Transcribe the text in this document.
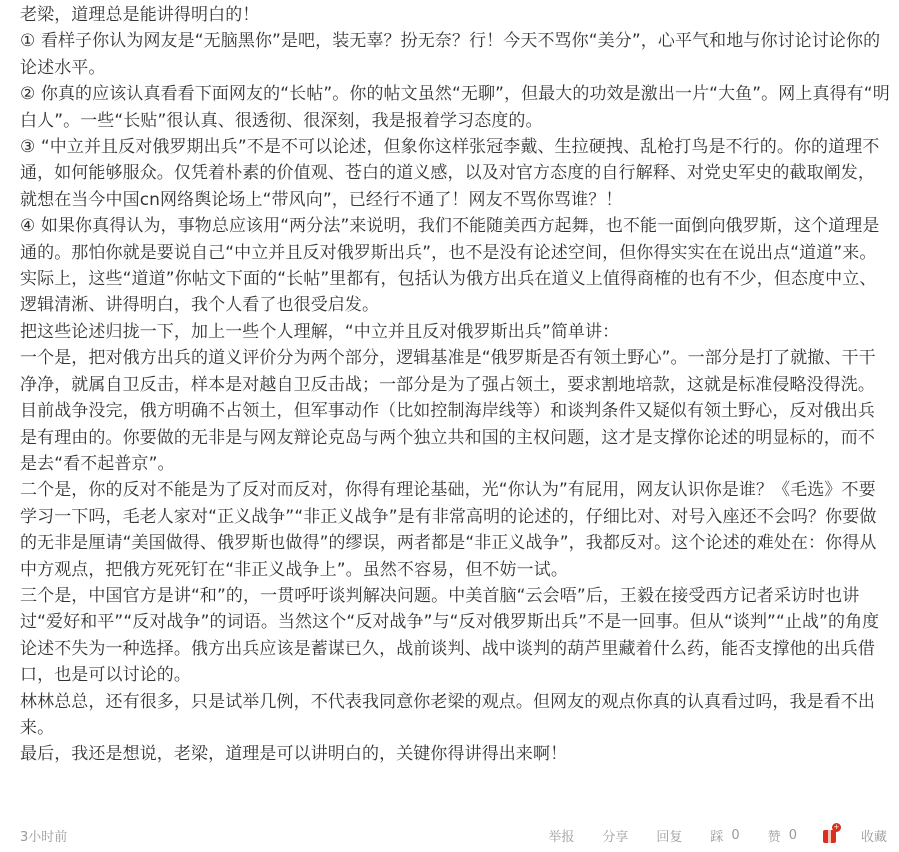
老梁，道理总是能讲得明白的！

① 看样子你认为网友是“无脑黑你”是吧，装无辜？扮无奈？行！今天不骂你“美分”，心平气和地与你讨论讨论你的论述水平。

② 你真的应该认真看看下面网友的“长帖”。你的帖文虽然“无聊”，但最大的功效是激出一片“大鱼”。网上真得有“明白人”。一些“长贴”很认真、很透彻、很深刻，我是报着学习态度的。

③ “中立并且反对俄罗期出兵”不是不可以论述，但象你这样张冠李戴、生拉硬拽、乱枪打鸟是不行的。你的道理不通，如何能够服众。仅凭着朴素的价值观、苍白的道义感，以及对官方态度的自行解释、对党史军史的截取阐发，就想在当今中国cn网络舆论场上“带风向”，已经行不通了！网友不骂你骂谁？！

④ 如果你真得认为，事物总应该用“两分法”来说明，我们不能随美西方起舞，也不能一面倒向俄罗斯，这个道理是通的。那怕你就是要说自己“中立并且反对俄罗斯出兵”，也不是没有论述空间，但你得实实在在说出点“道道”来。实际上，这些“道道”你帖文下面的“长帖”里都有，包括认为俄方出兵在道义上值得商榷的也有不少，但态度中立、逻辑清淅、讲得明白，我个人看了也很受启发。

把这些论述归拢一下，加上一些个人理解，“中立并且反对俄罗斯出兵”简单讲：

一个是，把对俄方出兵的道义评价分为两个部分，逻辑基准是“俄罗斯是否有领土野心”。一部分是打了就撤、干干净净，就属自卫反击，样本是对越自卫反击战；一部分是为了强占领土，要求割地培款，这就是标准侵略没得洗。目前战争没完，俄方明确不占领土，但军事动作（比如控制海岸线等）和谈判条件又疑似有领土野心，反对俄出兵是有理由的。你要做的无非是与网友辩论克岛与两个独立共和国的主权问题，这才是支撑你论述的明显标的，而不是去“看不起普京”。

二个是，你的反对不能是为了反对而反对，你得有理论基础，光“你认为”有屁用，网友认识你是谁？《毛选》不要学习一下吗，毛老人家对“正义战争”“非正义战争”是有非常高明的论述的，仔细比对、对号入座还不会吗？你要做的无非是厘请“美国做得、俄罗斯也做得”的缪误，两者都是“非正义战争”，我都反对。这个论述的难处在：你得从中方观点，把俄方死死钉在“非正义战争上”。虽然不容易，但不妨一试。

三个是，中国官方是讲“和”的，一贯呼吁谈判解决问题。中美首脑“云会唔”后，王毅在接受西方记者采访时也讲过“爱好和平”“反对战争”的词语。当然这个“反对战争”与“反对俄罗斯出兵”不是一回事。但从“谈判”“止战”的角度论述不失为一种选择。俄方出兵应该是蓄谋已久，战前谈判、战中谈判的葫芦里藏着什么药，能否支撑他的出兵借口，也是可以讨论的。

林林总总，还有很多，只是试举几例，不代表我同意你老梁的观点。但网友的观点你真的认真看过吗，我是看不出来。

最后，我还是想说，老梁，道理是可以讲明白的，关键你得讲得出来啊！

3小时前	举报 分享 回复 踩 0 赞 0
+
收藏
